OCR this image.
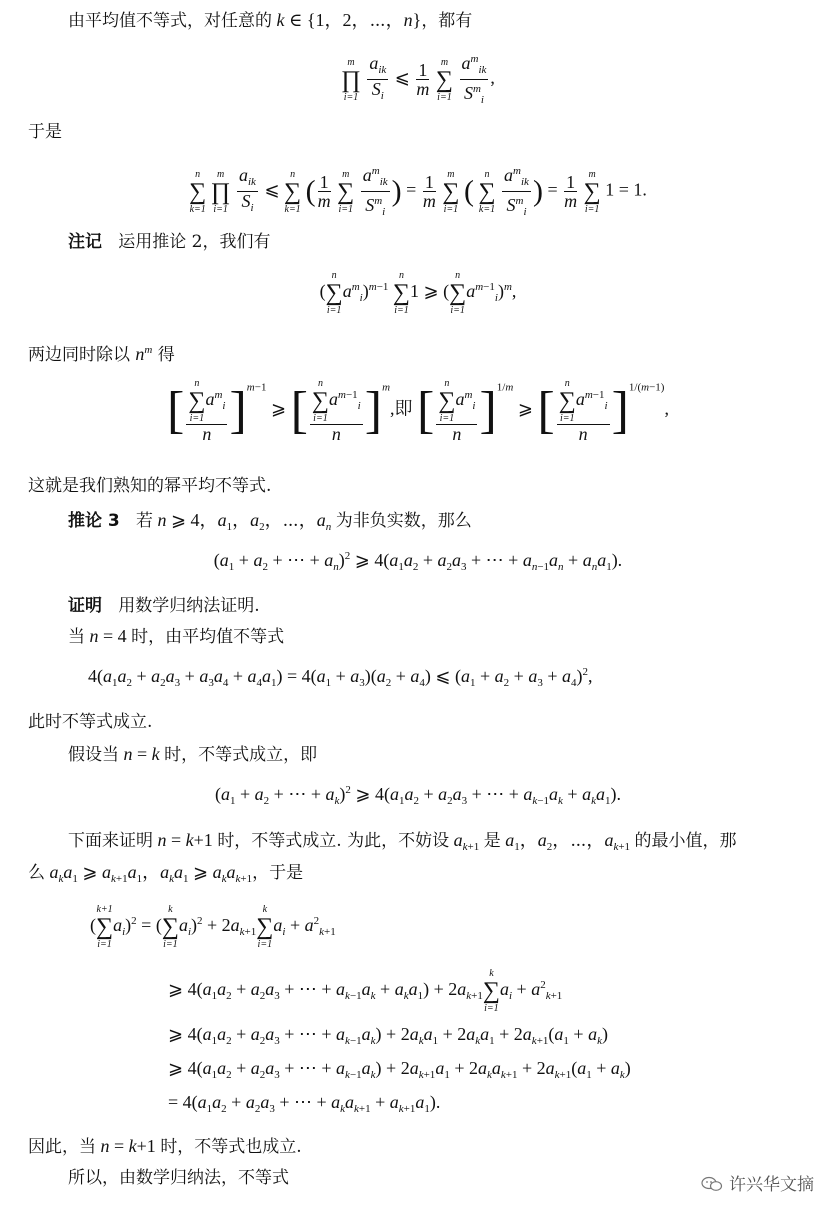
由平均值不等式，对任意的 k ∈ {1，2，⋯，n}，都有
m
∏
i=1
$\frac{a_{ik}}{S_i}$ ⩽ $\frac{1}{m}$
	m
∑
i=1
$\frac{a^m_{ik}}{S^m_i}$ ,
于是
n
∑
k=1

m
∏
i=1
$\frac{a_{ik}}{S_i}$ ⩽
n
∑
k=1
( $\frac{1}{m}$
	m
∑
i=1
$\frac{a^m_{ik}}{S^m_i}$ ) = $\frac{1}{m}$
	m
∑
i=1
(
n
∑
k=1
$\frac{a^m_{ik}}{S^m_i}$ ) = $\frac{1}{m}$
	m
∑
i=1
1 = 1.
注记 运用推论 2，我们有
(
n
∑
i=1
$a^m_i)^{m-1}$
n
∑
i=1
1 ⩾ (
n
∑
i=1
$a^{m-1}_i)^m$,
两边同时除以 $n^m$ 得
[ n
∑
i=1
$a^m_i$
n ]$^{m-1}$ ⩾ [ n
∑
i=1
$a^{m-1}_i$
n ]$^m$,即 [ n
∑
i=1
$a^m_i$
n ]$^{1/m}$ ⩾ [ n
∑
i=1
$a^{m-1}_i$
n ]$^{1/(m-1)}$,
这就是我们熟知的幂平均不等式.
推论 3 若 n ⩾ 4，$a_1$，$a_2$，⋯，$a_n$ 为非负实数，那么
($a_1 + a_2$ + ⋯ + $a_n)^2$ ⩾ $4(a_1a_2 + a_2a_3$ + ⋯ + $a_{n-1}a_n + a_na_1$).
证明 用数学归纳法证明.
当 n = 4 时，由平均值不等式
$4(a_1a_2 + a_2a_3 + a_3a_4 + a_4a_1) = 4(a_1 + a_3)(a_2 + a_4)$ ⩽ $(a_1 + a_2 + a_3 + a_4)^2$,
此时不等式成立.
假设当 n = k 时，不等式成立，即
($a_1 + a_2$ + ⋯ + $a_k)^2$ ⩾ $4(a_1a_2 + a_2a_3$ + ⋯ + $a_{k-1}a_k + a_ka_1$).
下面来证明 n = k+1 时，不等式成立. 为此，不妨设 $a_{k+1}$ 是 $a_1$，$a_2$，⋯，$a_{k+1}$ 的最小值，那
么 $a_ka_1$ ⩾ $a_{k+1}a_1$，$a_ka_1$ ⩾ $a_ka_{k+1}$，于是
(
k+1
∑
i=1
$a_i)^2$ = (
k
∑
i=1
$a_i)^2 + 2a_{k+1}$
k
∑
i=1
$a_i + a^2_{k+1}$
⩾ $4(a_1a_2 + a_2a_3$ + ⋯ + $a_{k-1}a_k + a_ka_1) + 2a_{k+1}$
k
∑
i=1
$a_i + a^2_{k+1}$
⩾ $4(a_1a_2 + a_2a_3$ + ⋯ + $a_{k-1}a_k) + 2a_ka_1 + 2a_ka_1 + 2a_{k+1}(a_1 + a_k)$
⩾ $4(a_1a_2 + a_2a_3$ + ⋯ + $a_{k-1}a_k) + 2a_{k+1}a_1 + 2a_ka_{k+1} + 2a_{k+1}(a_1 + a_k)$
= $4(a_1a_2 + a_2a_3$ + ⋯ + $a_ka_{k+1} + a_{k+1}a_1$).
因此，当 n = k+1 时，不等式也成立.
所以，由数学归纳法，不等式	许兴华文摘
